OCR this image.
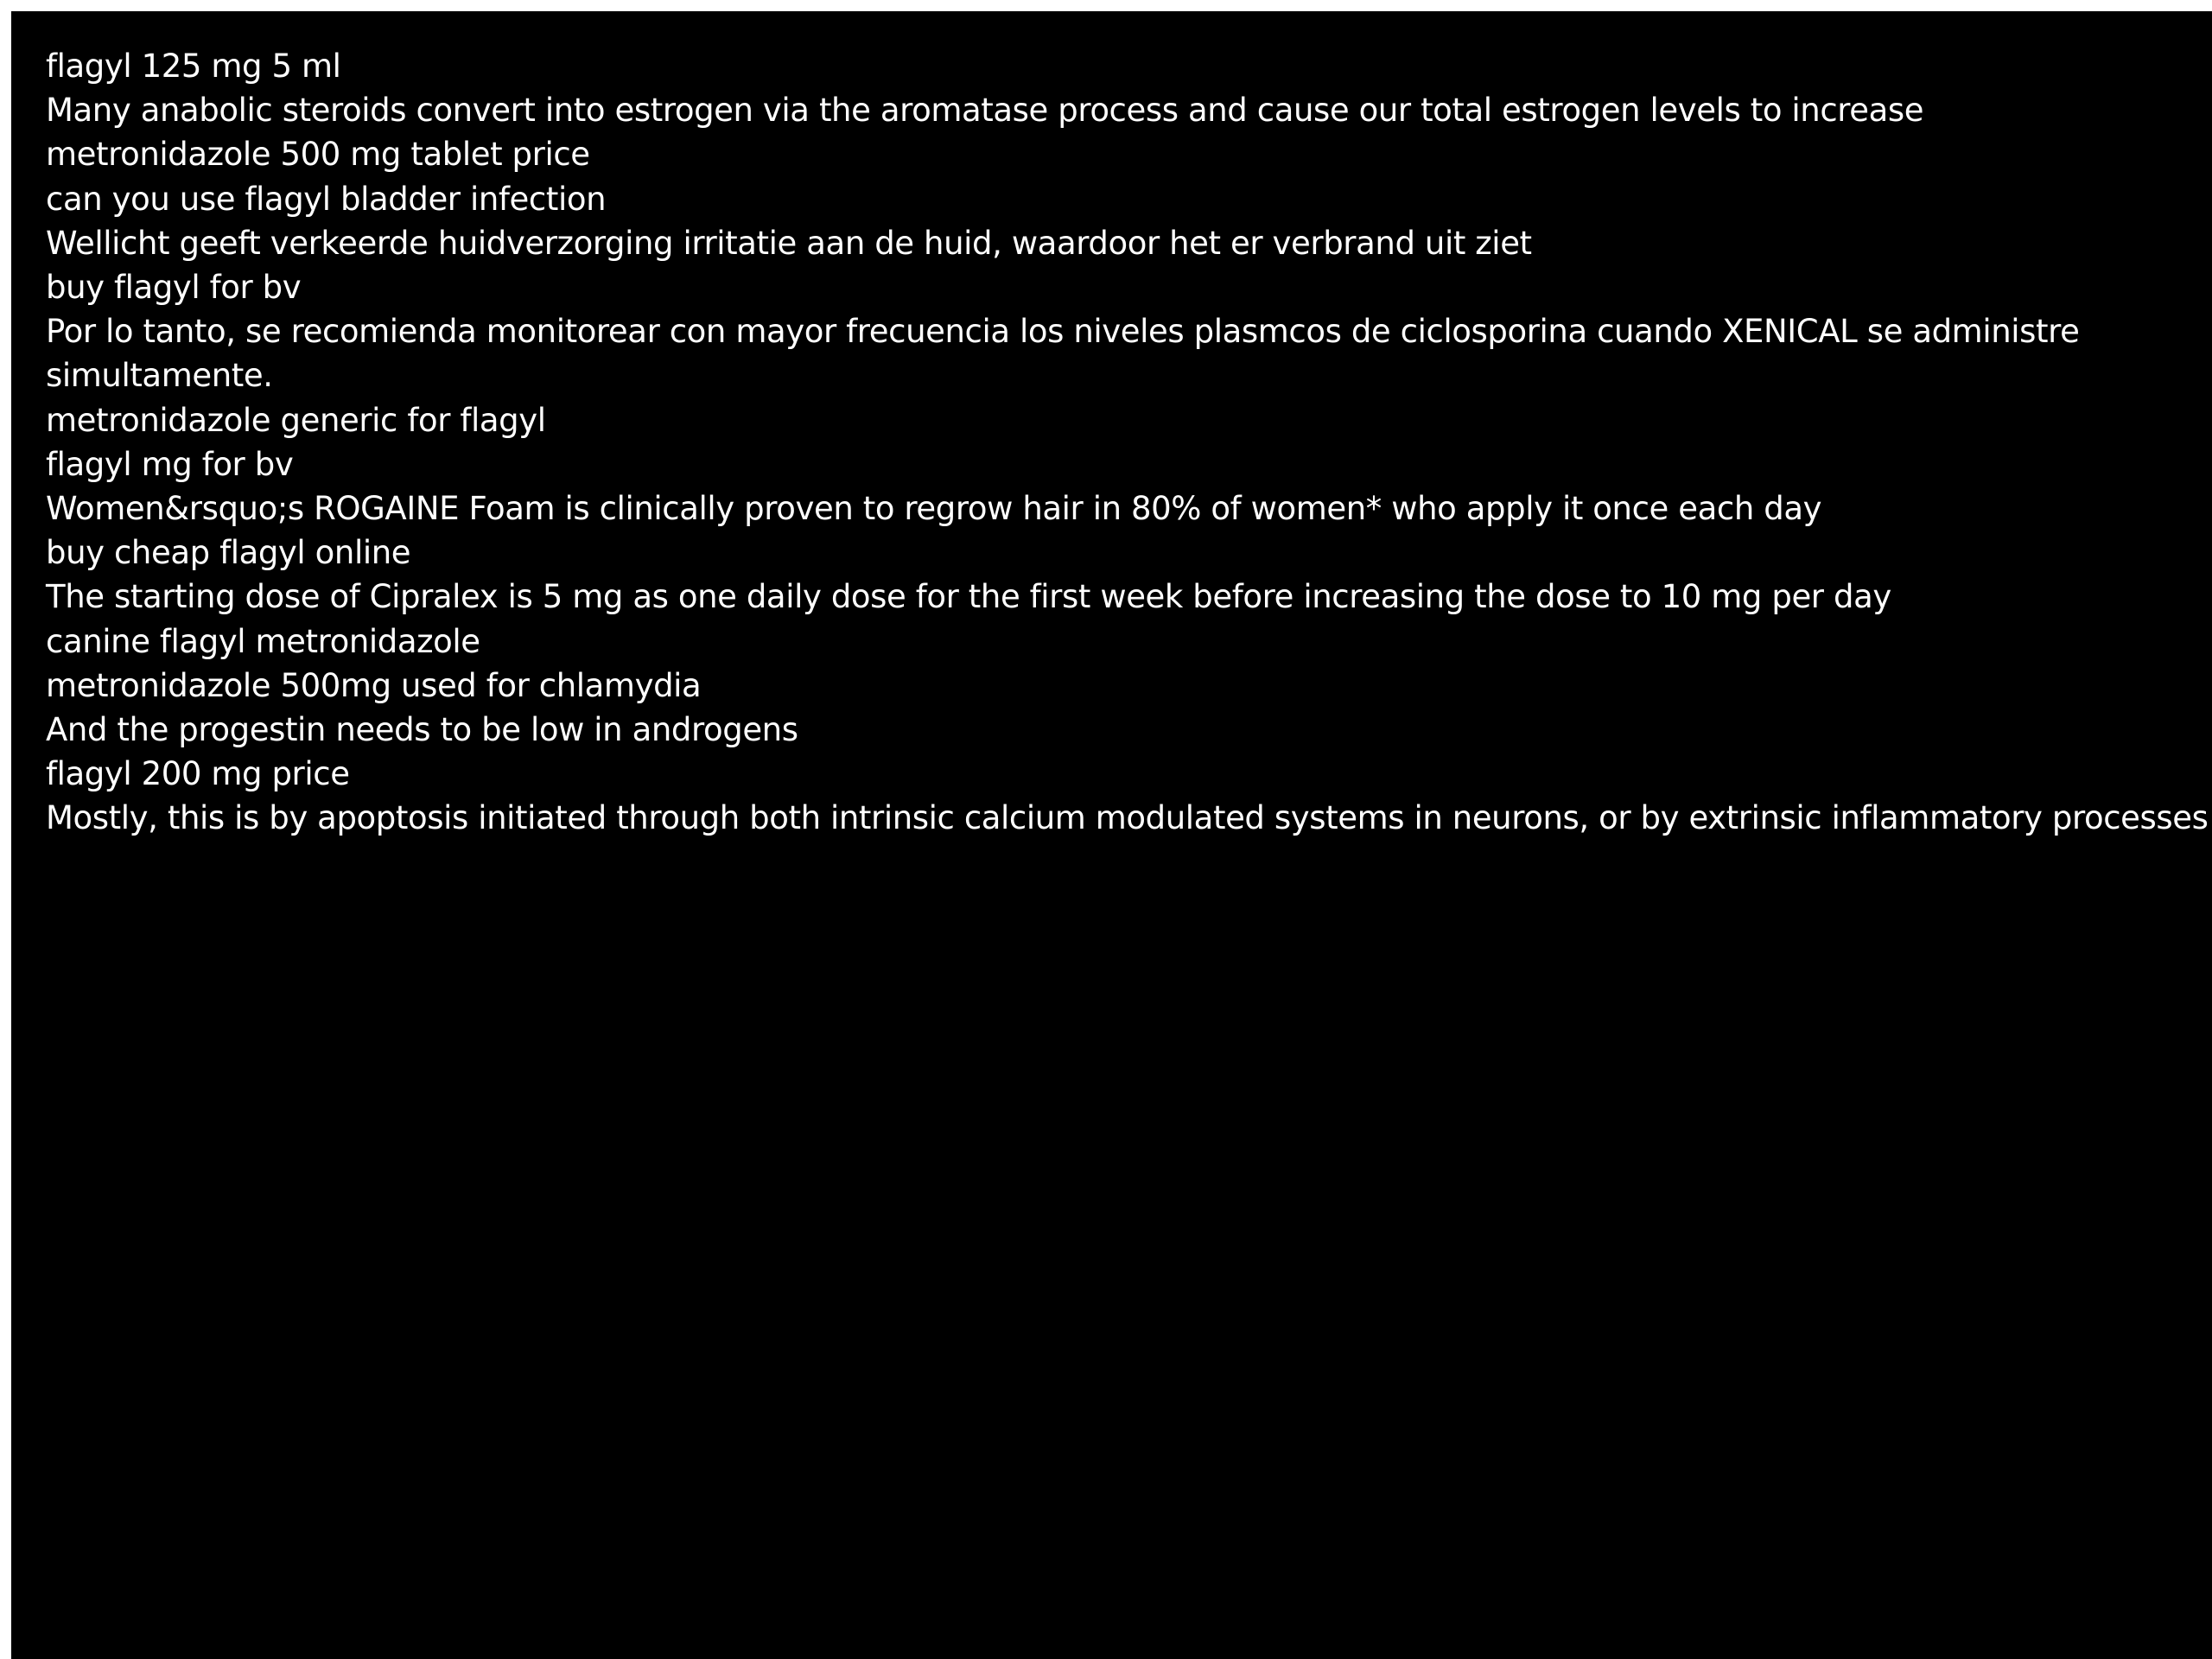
flagyl 125 mg 5 ml
Many anabolic steroids convert into estrogen via the aromatase process and cause our total estrogen levels to increase
metronidazole 500 mg tablet price
can you use flagyl bladder infection
Wellicht geeft verkeerde huidverzorging irritatie aan de huid, waardoor het er verbrand uit ziet
buy flagyl for bv
Por lo tanto, se recomienda monitorear con mayor frecuencia los niveles plasmcos de ciclosporina cuando XENICAL se administre
simultamente.
metronidazole generic for flagyl
flagyl mg for bv
Women&rsquo;s ROGAINE Foam is clinically proven to regrow hair in 80% of women* who apply it once each day
buy cheap flagyl online
The starting dose of Cipralex is 5 mg as one daily dose for the first week before increasing the dose to 10 mg per day
canine flagyl metronidazole
metronidazole 500mg used for chlamydia
And the progestin needs to be low in androgens
flagyl 200 mg price
Mostly, this is by apoptosis initiated through both intrinsic calcium modulated systems in neurons, or by extrinsic inflammatory processes
